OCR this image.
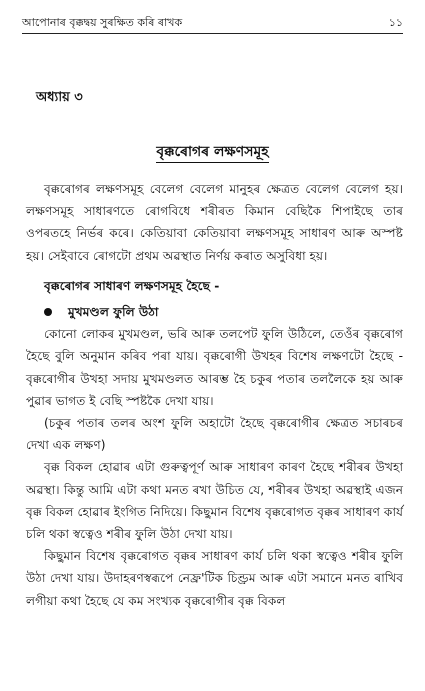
আপোনাৰ বৃক্কদ্বয় সুৰক্ষিত কৰি ৰাখক	১১
অধ্যায় ৩
বৃক্কৰোগৰ লক্ষণসমূহ

বৃক্কৰোগৰ লক্ষণসমূহ বেলেগ বেলেগ মানুহৰ ক্ষেত্ৰত বেলেগ বেলেগ হয়। লক্ষণসমূহ সাধাৰণতে ৰোগবিধে শৰীৰত কিমান বেছিকৈ শিপাইছে তাৰ ওপৰতহে নিৰ্ভৰ কৰে। কেতিয়াবা কেতিয়াবা লক্ষণসমূহ সাধাৰণ আৰু অস্পষ্ট হয়। সেইবাবে ৰোগটো প্ৰথম অৱস্থাত নিৰ্ণয় কৰাত অসুবিধা হয়।

বৃক্কৰোগৰ সাধাৰণ লক্ষণসমূহ হৈছে -
মুখমণ্ডল ফুলি উঠা

কোনো লোকৰ মুখমণ্ডল, ভৰি আৰু তলপেট ফুলি উঠিলে, তেওঁৰ বৃক্কৰোগ হৈছে বুলি অনুমান কৰিব পৰা যায়। বৃক্কৰোগী উখহৰ বিশেষ লক্ষণটো হৈছে - বৃক্কৰোগীৰ উখহা সদায় মুখমণ্ডলত আৰম্ভ হৈ চকুৰ পতাৰ তললৈকে হয় আৰু পুৱাৰ ভাগত ই বেছি স্পষ্টকৈ দেখা যায়।

(চকুৰ পতাৰ তলৰ অংশ ফুলি অহাটো হৈছে বৃক্কৰোগীৰ ক্ষেত্ৰত সচাৰচৰ দেখা এক লক্ষণ)

বৃক্ক বিকল হোৱাৰ এটা গুৰুত্বপূৰ্ণ আৰু সাধাৰণ কাৰণ হৈছে শৰীৰৰ উখহা অৱস্থা। কিন্তু আমি এটা কথা মনত ৰখা উচিত যে, শৰীৰৰ উখহা অৱস্থাই এজন বৃক্ক বিকল হোৱাৰ ইংগিত নিদিয়ে। কিছুমান বিশেষ বৃক্কৰোগত বৃক্কৰ সাধাৰণ কাৰ্য চলি থকা স্বত্বেও শৰীৰ ফুলি উঠা দেখা যায়।

কিছুমান বিশেষ বৃক্কৰোগত বৃক্কৰ সাধাৰণ কাৰ্য চলি থকা স্বত্বেও শৰীৰ ফুলি উঠা দেখা যায়। উদাহৰণস্বৰূপে নেফ্ৰ'টিক চিণ্ড্ৰম আৰু এটা সমানে মনত ৰাখিব লগীয়া কথা হৈছে যে কম সংখ্যক বৃক্কৰোগীৰ বৃক্ক বিকল
